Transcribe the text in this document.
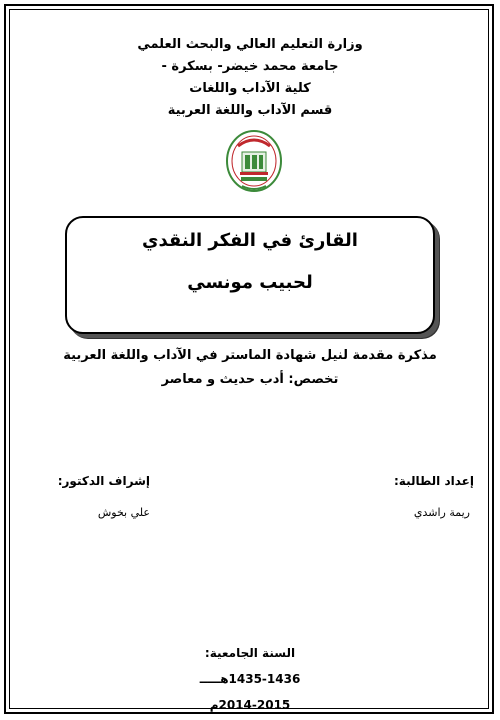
وزارة التعليم العالي والبحث العلمي
جامعة محمد خيضر- بسكرة -
كلية الآداب واللغات
قسم الآداب واللغة العربية
القارئ في الفكر النقدي
لحبيب مونسي
مذكرة مقدمة لنيل شهادة الماستر في الآداب واللغة العربية
تخصص: أدب حديث و معاصر
إعداد الطالبة:
ريمة راشدي
إشراف الدكتور:
علي بخوش
السنة الجامعية:
1435-1436هـــــ
2014-2015م
